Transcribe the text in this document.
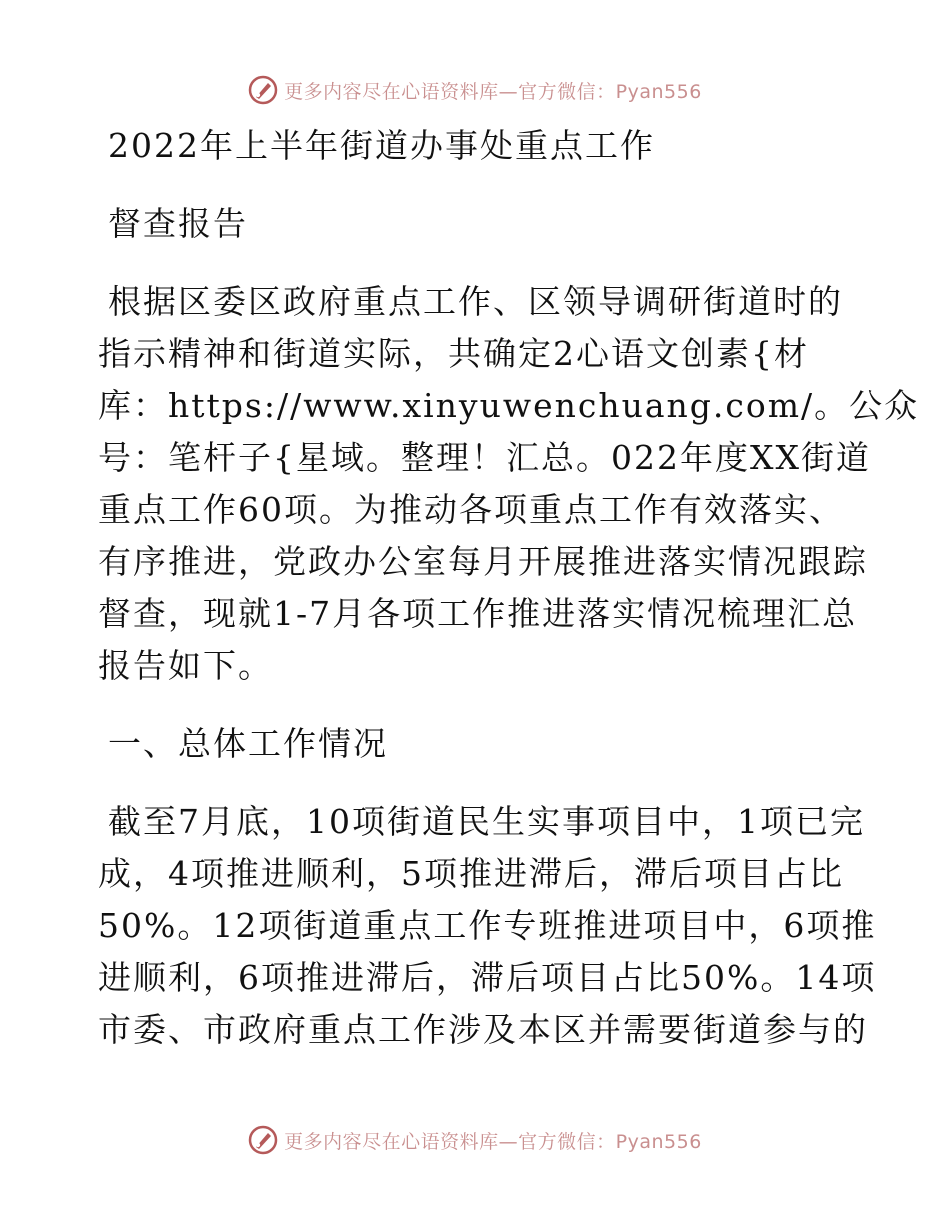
更多内容尽在心语资料库—官方微信：Pyan556
2022年上半年街道办事处重点工作
督查报告
根据区委区政府重点工作、区领导调研街道时的
指示精神和街道实际，共确定2心语文创素{材
库：https://www.xinyuwenchuang.com/。公众
号：笔杆子{星域。整理！汇总。022年度XX街道
重点工作60项。为推动各项重点工作有效落实、
有序推进，党政办公室每月开展推进落实情况跟踪
督查，现就1-7月各项工作推进落实情况梳理汇总
报告如下。
一、总体工作情况
截至7月底，10项街道民生实事项目中，1项已完
成，4项推进顺利，5项推进滞后，滞后项目占比
50%。12项街道重点工作专班推进项目中，6项推
进顺利，6项推进滞后，滞后项目占比50%。14项
市委、市政府重点工作涉及本区并需要街道参与的
更多内容尽在心语资料库—官方微信：Pyan556
